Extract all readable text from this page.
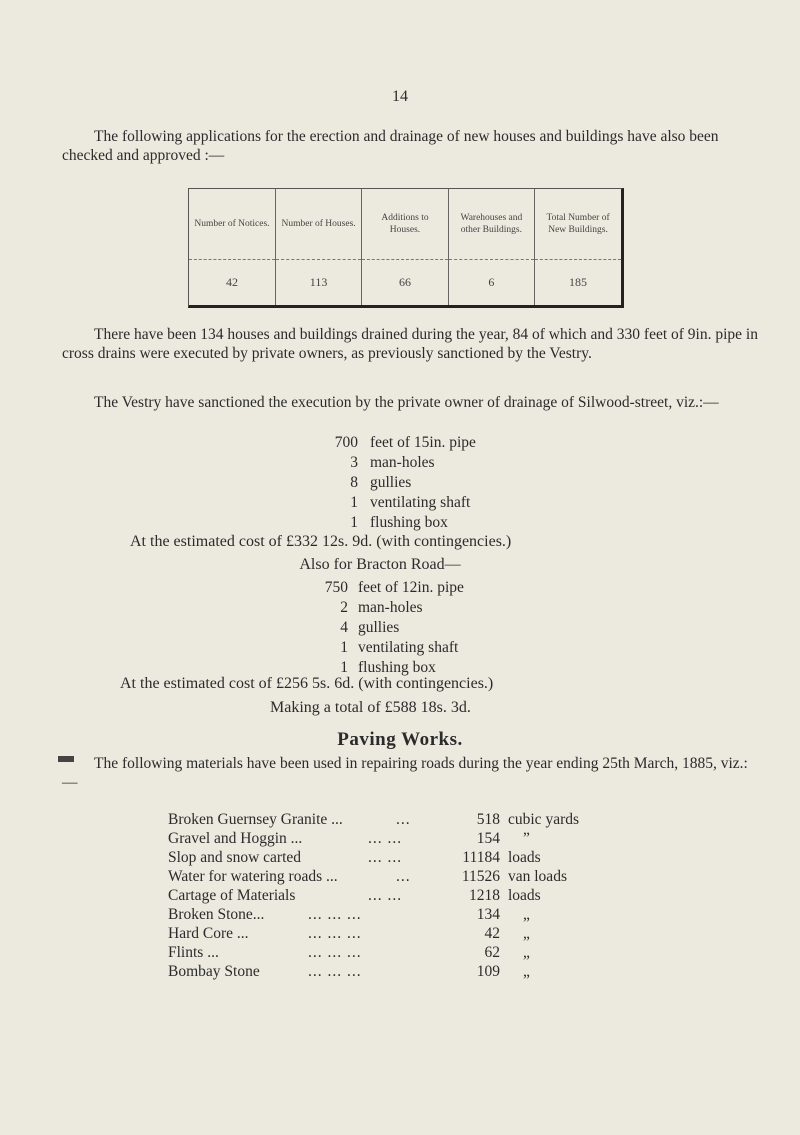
14

The following applications for the erection and drainage of new houses and buildings have also been checked and approved :—

Number of Notices.	Number of Houses.	Additions to Houses.	Warehouses and other Buildings.	Total Number of New Buildings.
42	113	66	6	185

There have been 134 houses and buildings drained during the year, 84 of which and 330 feet of 9in. pipe in cross drains were executed by private owners, as previously sanctioned by the Vestry.

The Vestry have sanctioned the execution by the private owner of drainage of Silwood-street, viz.:—

700 feet of 15in. pipe
3 man-holes
8 gullies
1 ventilating shaft
1 flushing box
At the estimated cost of £332 12s. 9d. (with contingencies.)
Also for Bracton Road—
750 feet of 12in. pipe
2 man-holes
4 gullies
1 ventilating shaft
1 flushing box
At the estimated cost of £256 5s. 6d. (with contingencies.)
Making a total of £588 18s. 3d.
Paving Works.

The following materials have been used in repairing roads during the year ending 25th March, 1885, viz.:—

Broken Guernsey Granite ...	...	518 cubic yards
Gravel and Hoggin ...	... ...	154 ”
Slop and snow carted	... ...	11184 loads
Water for watering roads ...	...	11526 van loads
Cartage of Materials	... ...	1218 loads
Broken Stone...	... ... ...	134 „
Hard Core ...	... ... ...	42 „
Flints ...	... ... ...	62 „
Bombay Stone	... ... ...	109 „
